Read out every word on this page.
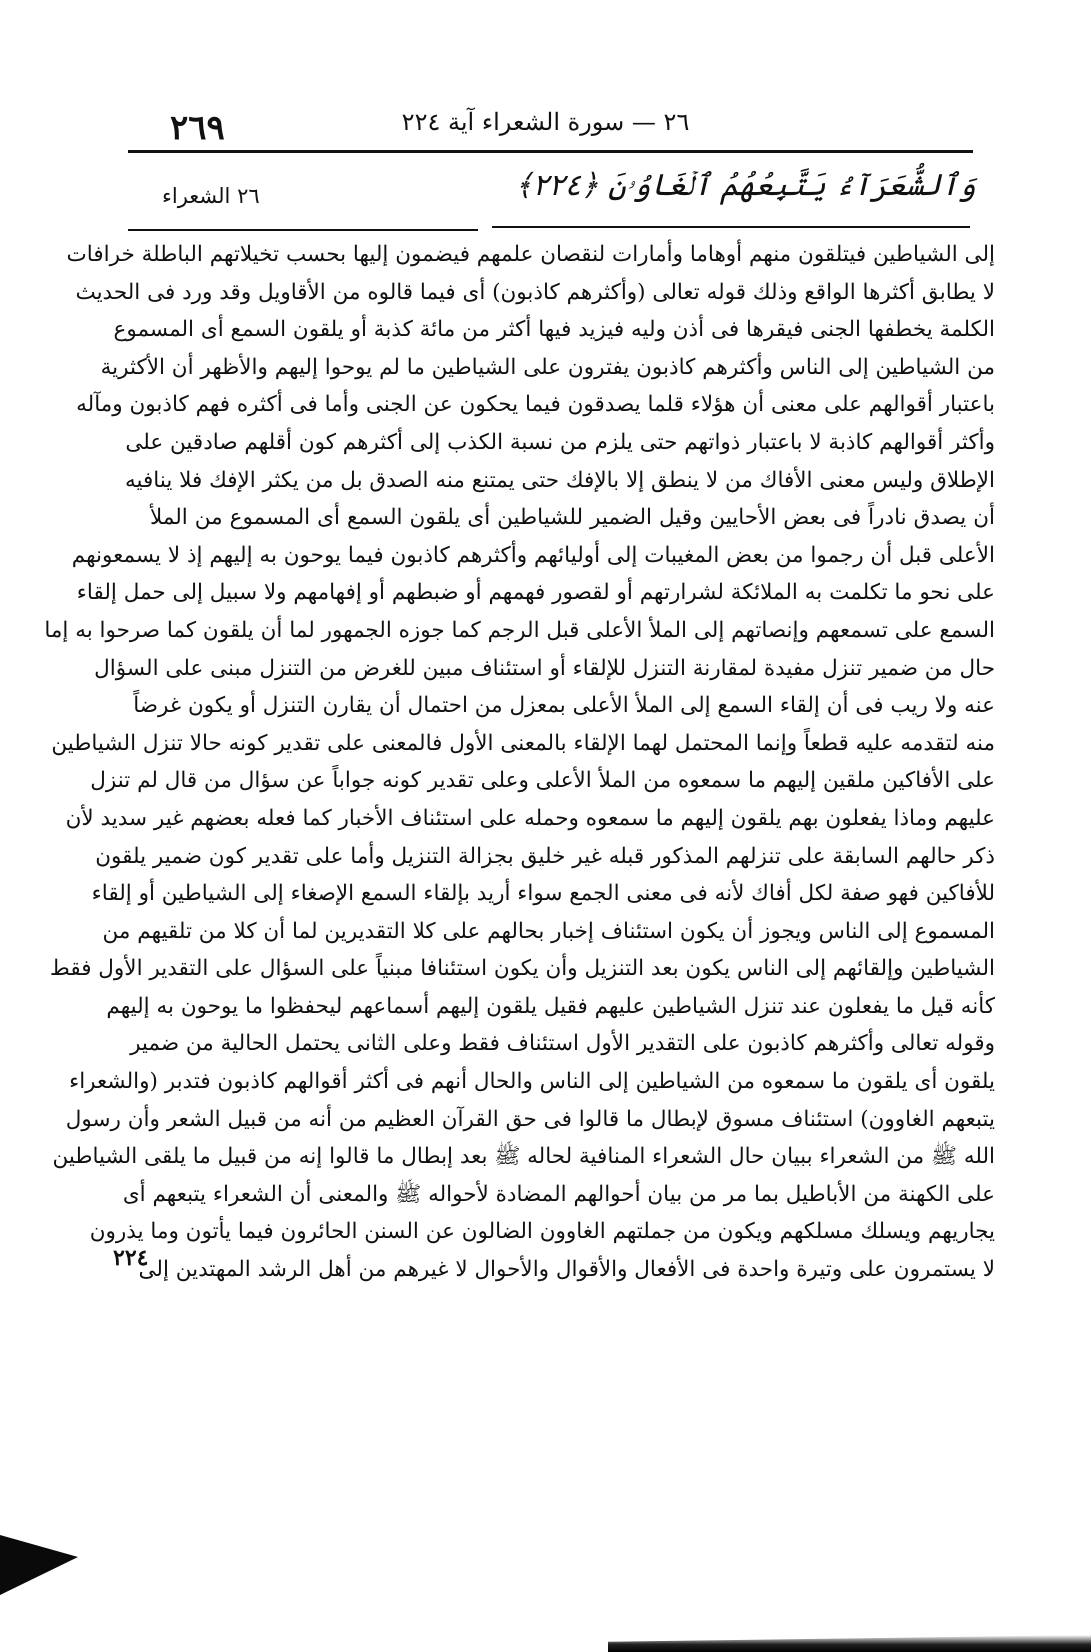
٢٦٩	٢٦ — سورة الشعراء آية ٢٢٤
وَٱلشُّعَرَآءُ يَتَّبِعُهُمُ ٱلۡغَاوُۥنَ ﴿٢٢٤﴾
٢٦ الشعراء
إلى الشياطين فيتلقون منهم أوهاما وأمارات لنقصان علمهم فيضمون إليها بحسب تخيلاتهم الباطلة خرافات
لا يطابق أكثرها الواقع وذلك قوله تعالى (وأكثرهم كاذبون) أى فيما قالوه من الأقاويل وقد ورد فى الحديث
الكلمة يخطفها الجنى فيقرها فى أذن وليه فيزيد فيها أكثر من مائة كذبة أو يلقون السمع أى المسموع
من الشياطين إلى الناس وأكثرهم كاذبون يفترون على الشياطين ما لم يوحوا إليهم والأظهر أن الأكثرية
باعتبار أقوالهم على معنى أن هؤلاء قلما يصدقون فيما يحكون عن الجنى وأما فى أكثره فهم كاذبون ومآله
وأكثر أقوالهم كاذبة لا باعتبار ذواتهم حتى يلزم من نسبة الكذب إلى أكثرهم كون أقلهم صادقين على
الإطلاق وليس معنى الأفاك من لا ينطق إلا بالإفك حتى يمتنع منه الصدق بل من يكثر الإفك فلا ينافيه
أن يصدق نادراً فى بعض الأحايين وقيل الضمير للشياطين أى يلقون السمع أى المسموع من الملأ
الأعلى قبل أن رجموا من بعض المغيبات إلى أوليائهم وأكثرهم كاذبون فيما يوحون به إليهم إذ لا يسمعونهم
على نحو ما تكلمت به الملائكة لشرارتهم أو لقصور فهمهم أو ضبطهم أو إفهامهم ولا سبيل إلى حمل إلقاء
السمع على تسمعهم وإنصاتهم إلى الملأ الأعلى قبل الرجم كما جوزه الجمهور لما أن يلقون كما صرحوا به إما
حال من ضمير تنزل مفيدة لمقارنة التنزل للإلقاء أو استئناف مبين للغرض من التنزل مبنى على السؤال
عنه ولا ريب فى أن إلقاء السمع إلى الملأ الأعلى بمعزل من احتمال أن يقارن التنزل أو يكون غرضاً
منه لتقدمه عليه قطعاً وإنما المحتمل لهما الإلقاء بالمعنى الأول فالمعنى على تقدير كونه حالا تنزل الشياطين
على الأفاكين ملقين إليهم ما سمعوه من الملأ الأعلى وعلى تقدير كونه جواباً عن سؤال من قال لم تنزل
عليهم وماذا يفعلون بهم يلقون إليهم ما سمعوه وحمله على استئناف الأخبار كما فعله بعضهم غير سديد لأن
ذكر حالهم السابقة على تنزلهم المذكور قبله غير خليق بجزالة التنزيل وأما على تقدير كون ضمير يلقون
للأفاكين فهو صفة لكل أفاك لأنه فى معنى الجمع سواء أريد بإلقاء السمع الإصغاء إلى الشياطين أو إلقاء
المسموع إلى الناس ويجوز أن يكون استئناف إخبار بحالهم على كلا التقديرين لما أن كلا من تلقيهم من
الشياطين وإلقائهم إلى الناس يكون بعد التنزيل وأن يكون استئنافا مبنياً على السؤال على التقدير الأول فقط
كأنه قيل ما يفعلون عند تنزل الشياطين عليهم فقيل يلقون إليهم أسماعهم ليحفظوا ما يوحون به إليهم
وقوله تعالى وأكثرهم كاذبون على التقدير الأول استئناف فقط وعلى الثانى يحتمل الحالية من ضمير
يلقون أى يلقون ما سمعوه من الشياطين إلى الناس والحال أنهم فى أكثر أقوالهم كاذبون فتدبر (والشعراء
يتبعهم الغاوون) استئناف مسوق لإبطال ما قالوا فى حق القرآن العظيم من أنه من قبيل الشعر وأن رسول
الله ﷺ من الشعراء ببيان حال الشعراء المنافية لحاله ﷺ بعد إبطال ما قالوا إنه من قبيل ما يلقى الشياطين
على الكهنة من الأباطيل بما مر من بيان أحوالهم المضادة لأحواله ﷺ والمعنى أن الشعراء يتبعهم أى
يجاريهم ويسلك مسلكهم ويكون من جملتهم الغاوون الضالون عن السنن الحائرون فيما يأتون وما يذرون
لا يستمرون على وتيرة واحدة فى الأفعال والأقوال والأحوال لا غيرهم من أهل الرشد المهتدين إلى
٢٢٤
